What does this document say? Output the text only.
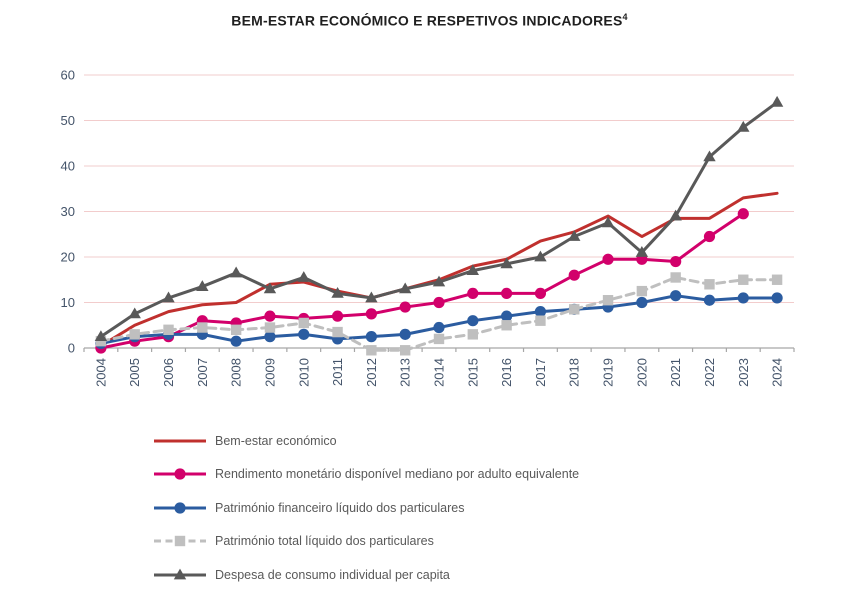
BEM-ESTAR ECONÓMICO E RESPETIVOS INDICADORES$^4$
0
10
20
30
40
50
60
2004 2005 2006 2007 2008 2009 2010 2011 2012 2013 2014 2015 2016 2017 2018 2019 2020 2021 2022 2023 2024
Bem-estar económico
Rendimento monetário disponível mediano por adulto equivalente
Património financeiro líquido dos particulares
Património total líquido dos particulares
Despesa de consumo individual per capita
